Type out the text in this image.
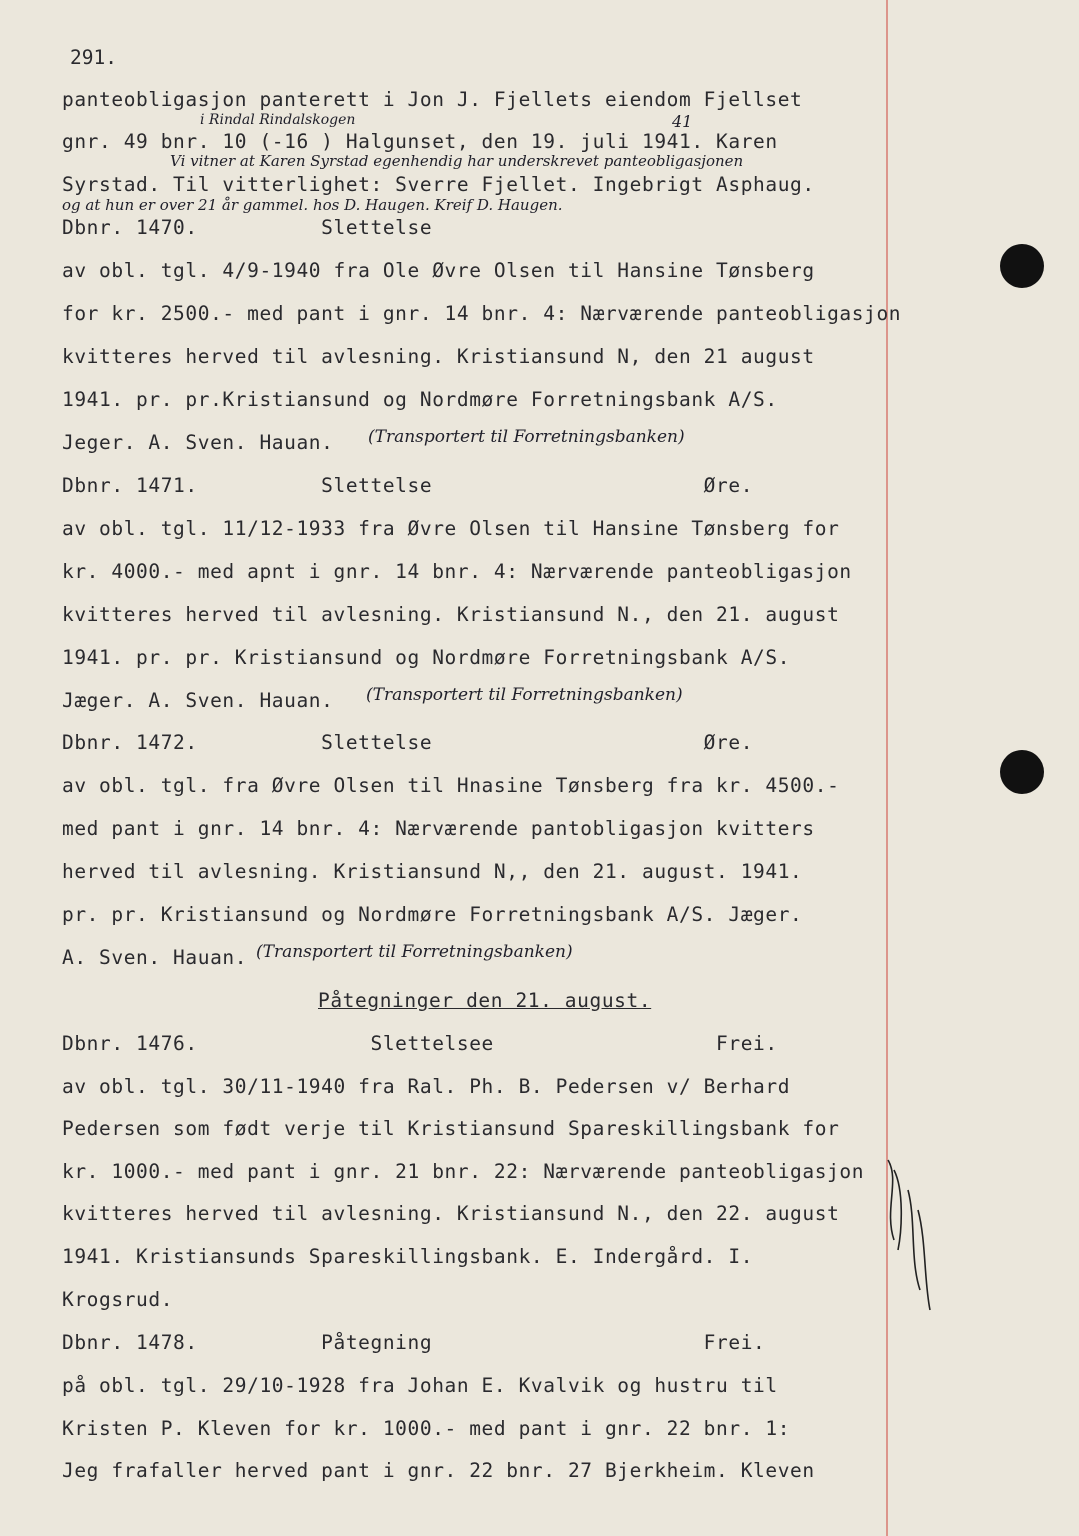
291.
panteobligasjon panterett i Jon J. Fjellets eiendom Fjellset
gnr. 49 bnr. 10 (-16 ) Halgunset, den 19. juli 1941. Karen
Syrstad. Til vitterlighet: Sverre Fjellet. Ingebrigt Asphaug.
Dbnr. 1470.          Slettelse
av obl. tgl. 4/9-1940 fra Ole Øvre Olsen til Hansine Tønsberg
for kr. 2500.- med pant i gnr. 14 bnr. 4: Nærværende panteobligasjon
kvitteres herved til avlesning. Kristiansund N, den 21 august
1941. pr. pr.Kristiansund og Nordmøre Forretningsbank A/S.
Jeger. A. Sven. Hauan.
Dbnr. 1471.          Slettelse                      Øre.
av obl. tgl. 11/12-1933 fra Øvre Olsen til Hansine Tønsberg for
kr. 4000.- med apnt i gnr. 14 bnr. 4: Nærværende panteobligasjon
kvitteres herved til avlesning. Kristiansund N., den 21. august
1941. pr. pr. Kristiansund og Nordmøre Forretningsbank A/S.
Jæger. A. Sven. Hauan.
Dbnr. 1472.          Slettelse                      Øre.
av obl. tgl. fra Øvre Olsen til Hnasine Tønsberg fra kr. 4500.-
med pant i gnr. 14 bnr. 4: Nærværende pantobligasjon kvitters
herved til avlesning. Kristiansund N,, den 21. august. 1941.
pr. pr. Kristiansund og Nordmøre Forretningsbank A/S. Jæger.
A. Sven. Hauan.
Påtegninger den 21. august.
Dbnr. 1476.              Slettelsee                  Frei.
av obl. tgl. 30/11-1940 fra Ral. Ph. B. Pedersen v/ Berhard
Pedersen som født verje til Kristiansund Spareskillingsbank for
kr. 1000.- med pant i gnr. 21 bnr. 22: Nærværende panteobligasjon
kvitteres herved til avlesning. Kristiansund N., den 22. august
1941. Kristiansunds Spareskillingsbank. E. Indergård. I.
Krogsrud.
Dbnr. 1478.          Påtegning                      Frei.
på obl. tgl. 29/10-1928 fra Johan E. Kvalvik og hustru til
Kristen P. Kleven for kr. 1000.- med pant i gnr. 22 bnr. 1:
Jeg frafaller herved pant i gnr. 22 bnr. 27 Bjerkheim. Kleven
i Rindal Rindalskogen	41
Vi vitner at Karen Syrstad egenhendig har underskrevet panteobligasjonen
og at hun er over 21 år gammel. hos D. Haugen. Kreif D. Haugen.
(Transportert til Forretningsbanken)
(Transportert til Forretningsbanken)
(Transportert til Forretningsbanken)
